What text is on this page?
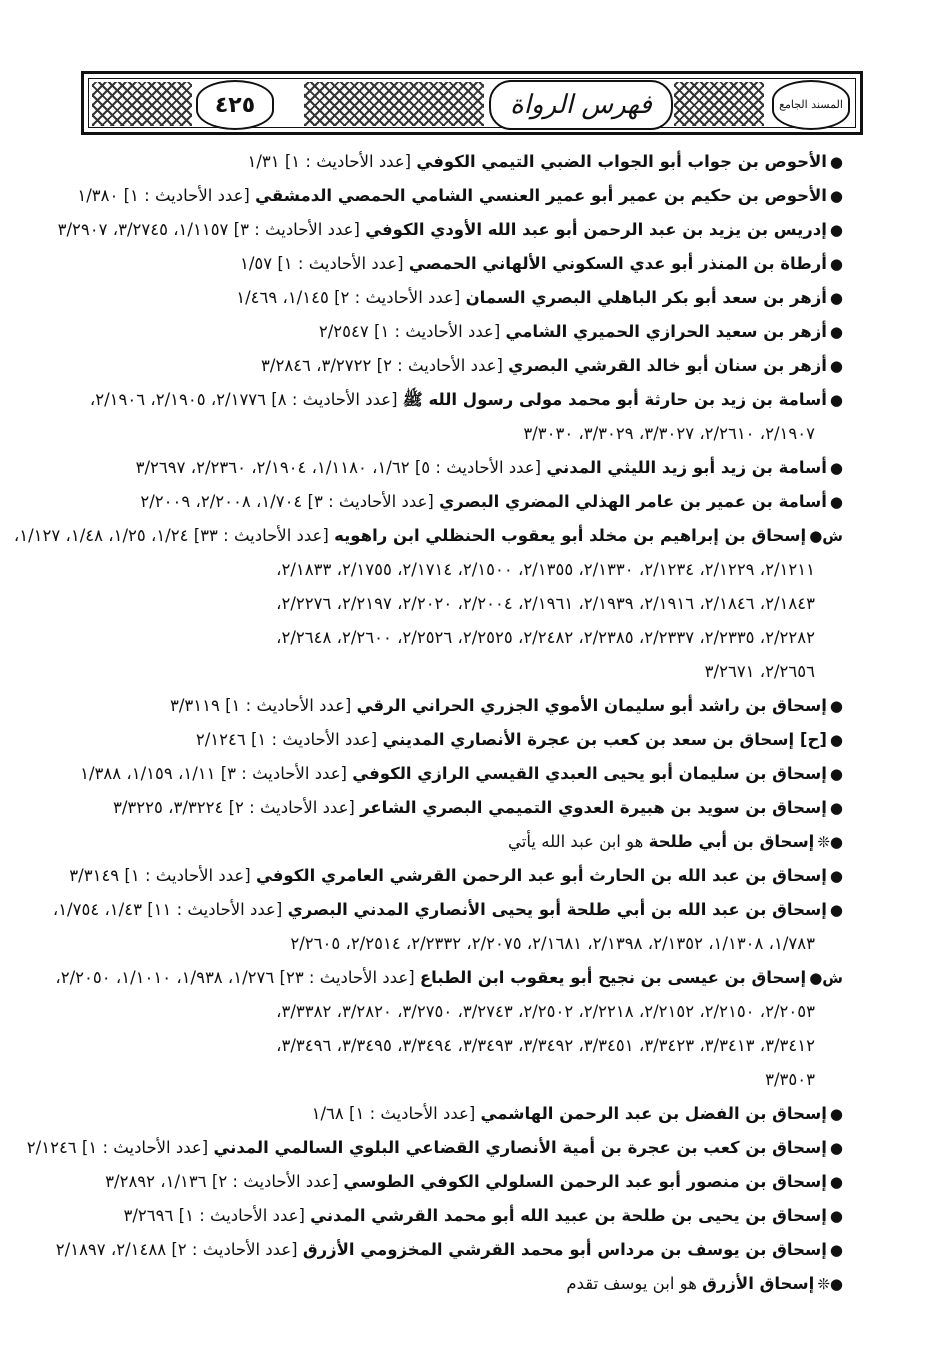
٤٢٥	فهرس الرواة	المسند الجامع
●الأحوص بن جواب أبو الجواب الضبي التيمي الكوفي [عدد الأحاديث : ١] ١/٣١
●الأحوص بن حكيم بن عمير أبو عمير العنسي الشامي الحمصي الدمشقي [عدد الأحاديث : ١] ١/٣٨٠
●إدريس بن يزيد بن عبد الرحمن أبو عبد الله الأودي الكوفي [عدد الأحاديث : ٣] ١/١١٥٧، ٣/٢٧٤٥، ٣/٢٩٠٧
●أرطاة بن المنذر أبو عدي السكوني الألهاني الحمصي [عدد الأحاديث : ١] ١/٥٧
●أزهر بن سعد أبو بكر الباهلي البصري السمان [عدد الأحاديث : ٢] ١/١٤٥، ١/٤٦٩
●أزهر بن سعيد الحرازي الحميري الشامي [عدد الأحاديث : ١] ٢/٢٥٤٧
●أزهر بن سنان أبو خالد القرشي البصري [عدد الأحاديث : ٢] ٣/٢٧٢٢، ٣/٢٨٤٦
●أسامة بن زيد بن حارثة أبو محمد مولى رسول الله ﷺ [عدد الأحاديث : ٨] ٢/١٧٧٦، ٢/١٩٠٥، ٢/١٩٠٦،
٢/١٩٠٧، ٢/٢٦١٠، ٣/٣٠٢٧، ٣/٣٠٢٩، ٣/٣٠٣٠
●أسامة بن زيد أبو زيد الليثي المدني [عدد الأحاديث : ٥] ١/٦٢، ١/١١٨٠، ٢/١٩٠٤، ٢/٢٣٦٠، ٣/٢٦٩٧
●أسامة بن عمير بن عامر الهذلي المضري البصري [عدد الأحاديث : ٣] ١/٧٠٤، ٢/٢٠٠٨، ٢/٢٠٠٩
ش●إسحاق بن إبراهيم بن مخلد أبو يعقوب الحنظلي ابن راهويه [عدد الأحاديث : ٣٣] ١/٢٤، ١/٢٥، ١/٤٨، ١/١٢٧،
٢/١٢١١، ٢/١٢٢٩، ٢/١٢٣٤، ٢/١٣٣٠، ٢/١٣٥٥، ٢/١٥٠٠، ٢/١٧١٤، ٢/١٧٥٥، ٢/١٨٣٣،
٢/١٨٤٣، ٢/١٨٤٦، ٢/١٩١٦، ٢/١٩٣٩، ٢/١٩٦١، ٢/٢٠٠٤، ٢/٢٠٢٠، ٢/٢١٩٧، ٢/٢٢٧٦،
٢/٢٢٨٢، ٢/٢٣٣٥، ٢/٢٣٣٧، ٢/٢٣٨٥، ٢/٢٤٨٢، ٢/٢٥٢٥، ٢/٢٥٢٦، ٢/٢٦٠٠، ٢/٢٦٤٨،
٢/٢٦٥٦، ٣/٢٦٧١
●إسحاق بن راشد أبو سليمان الأموي الجزري الحراني الرقي [عدد الأحاديث : ١] ٣/٣١١٩
●[ح] إسحاق بن سعد بن كعب بن عجرة الأنصاري المديني [عدد الأحاديث : ١] ٢/١٢٤٦
●إسحاق بن سليمان أبو يحيى العبدي القيسي الرازي الكوفي [عدد الأحاديث : ٣] ١/١١، ١/١٥٩، ١/٣٨٨
●إسحاق بن سويد بن هبيرة العدوي التميمي البصري الشاعر [عدد الأحاديث : ٢] ٣/٣٢٢٤، ٣/٣٢٢٥
●❊إسحاق بن أبي طلحة هو ابن عبد الله يأتي
●إسحاق بن عبد الله بن الحارث أبو عبد الرحمن القرشي العامري الكوفي [عدد الأحاديث : ١] ٣/٣١٤٩
●إسحاق بن عبد الله بن أبي طلحة أبو يحيى الأنصاري المدني البصري [عدد الأحاديث : ١١] ١/٤٣، ١/٧٥٤،
١/٧٨٣، ١/١٣٠٨، ٢/١٣٥٢، ٢/١٣٩٨، ٢/١٦٨١، ٢/٢٠٧٥، ٢/٢٣٣٢، ٢/٢٥١٤، ٢/٢٦٠٥
ش●إسحاق بن عيسى بن نجيح أبو يعقوب ابن الطباع [عدد الأحاديث : ٢٣] ١/٢٧٦، ١/٩٣٨، ١/١٠١٠، ٢/٢٠٥٠،
٢/٢٠٥٣، ٢/٢١٥٠، ٢/٢١٥٢، ٢/٢٢١٨، ٢/٢٥٠٢، ٣/٢٧٤٣، ٣/٢٧٥٠، ٣/٢٨٢٠، ٣/٣٣٨٢،
٣/٣٤١٢، ٣/٣٤١٣، ٣/٣٤٢٣، ٣/٣٤٥١، ٣/٣٤٩٢، ٣/٣٤٩٣، ٣/٣٤٩٤، ٣/٣٤٩٥، ٣/٣٤٩٦،
٣/٣٥٠٣
●إسحاق بن الفضل بن عبد الرحمن الهاشمي [عدد الأحاديث : ١] ١/٦٨
●إسحاق بن كعب بن عجرة بن أمية الأنصاري القضاعي البلوي السالمي المدني [عدد الأحاديث : ١] ٢/١٢٤٦
●إسحاق بن منصور أبو عبد الرحمن السلولي الكوفي الطوسي [عدد الأحاديث : ٢] ١/١٣٦، ٣/٢٨٩٢
●إسحاق بن يحيى بن طلحة بن عبيد الله أبو محمد القرشي المدني [عدد الأحاديث : ١] ٣/٢٦٩٦
●إسحاق بن يوسف بن مرداس أبو محمد القرشي المخزومي الأزرق [عدد الأحاديث : ٢] ٢/١٤٨٨، ٢/١٨٩٧
●❊إسحاق الأزرق هو ابن يوسف تقدم
